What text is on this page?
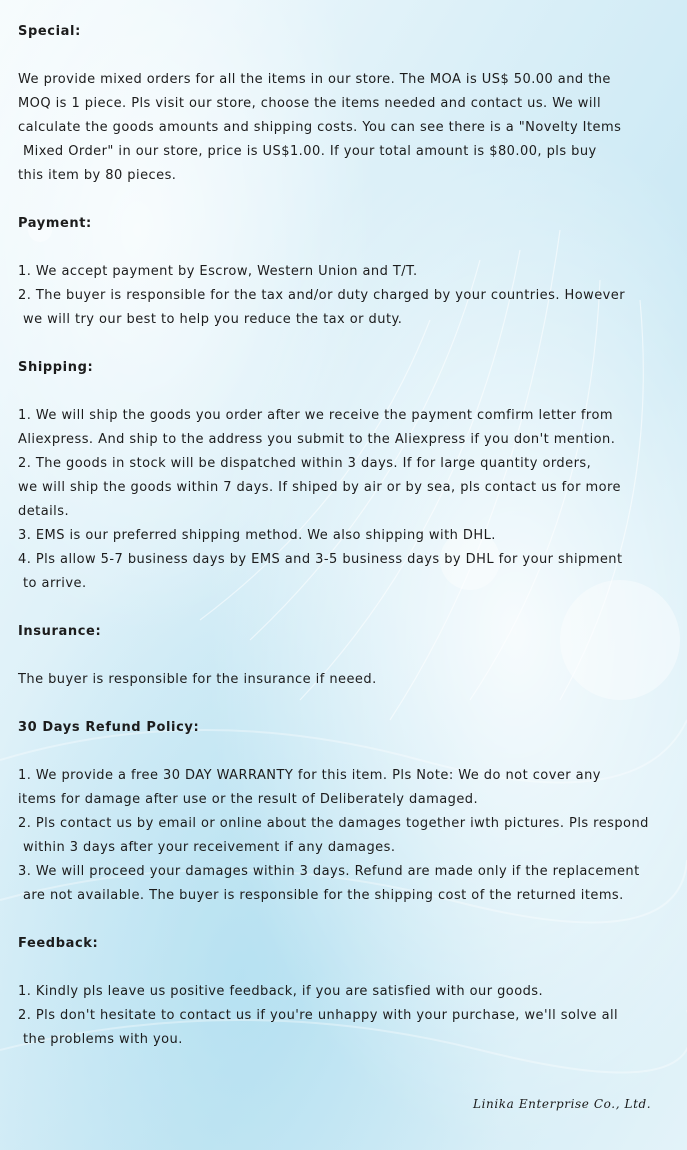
Special:

We provide mixed orders for all the items in our store. The MOA is US$ 50.00 and the

MOQ is 1 piece. Pls visit our store, choose the items needed and contact us. We will

calculate the goods amounts and shipping costs. You can see there is a "Novelty Items

Mixed Order" in our store, price is US$1.00. If your total amount is $80.00, pls buy

this item by 80 pieces.

Payment:

1. We accept payment by Escrow, Western Union and T/T.

2. The buyer is responsible for the tax and/or duty charged by your countries. However

we will try our best to help you reduce the tax or duty.

Shipping:

1. We will ship the goods you order after we receive the payment comfirm letter from

Aliexpress. And ship to the address you submit to the Aliexpress if you don't mention.

2. The goods in stock will be dispatched within 3 days. If for large quantity orders,

we will ship the goods within 7 days. If shiped by air or by sea, pls contact us for more

details.

3. EMS is our preferred shipping method. We also shipping with DHL.

4. Pls allow 5-7 business days by EMS and 3-5 business days by DHL for your shipment

to arrive.

Insurance:

The buyer is responsible for the insurance if neeed.

30 Days Refund Policy:

1. We provide a free 30 DAY WARRANTY for this item. Pls Note: We do not cover any

items for damage after use or the result of Deliberately damaged.

2. Pls contact us by email or online about the damages together iwth pictures. Pls respond

within 3 days after your receivement if any damages.

3. We will proceed your damages within 3 days. Refund are made only if the replacement

are not available. The buyer is responsible for the shipping cost of the returned items.

Feedback:

1. Kindly pls leave us positive feedback, if you are satisfied with our goods.

2. Pls don't hesitate to contact us if you're unhappy with your purchase, we'll solve all

the problems with you.

Linika Enterprise Co., Ltd.
